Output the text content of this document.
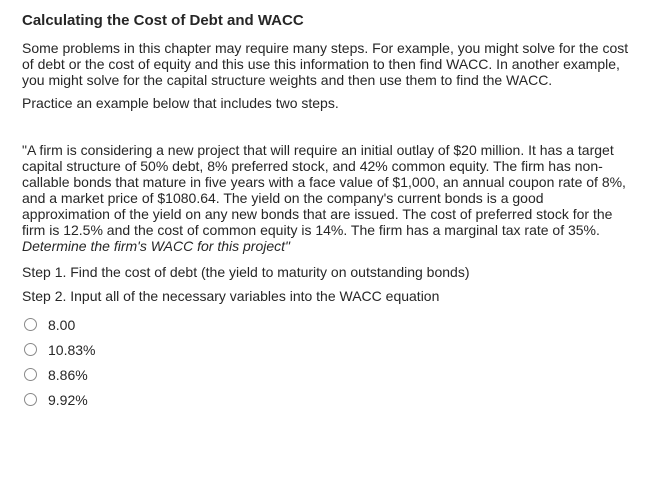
Calculating the Cost of Debt and WACC

Some problems in this chapter may require many steps. For example, you might solve for the cost of debt or the cost of equity and this use this information to then find WACC. In another example, you might solve for the capital structure weights and then use them to find the WACC.

Practice an example below that includes two steps.

"A firm is considering a new project that will require an initial outlay of $20 million. It has a target capital structure of 50% debt, 8% preferred stock, and 42% common equity. The firm has non-callable bonds that mature in five years with a face value of $1,000, an annual coupon rate of 8%, and a market price of $1080.64. The yield on the company's current bonds is a good approximation of the yield on any new bonds that are issued. The cost of preferred stock for the firm is 12.5% and the cost of common equity is 14%. The firm has a marginal tax rate of 35%. Determine the firm's WACC for this project"

Step 1. Find the cost of debt (the yield to maturity on outstanding bonds)

Step 2. Input all of the necessary variables into the WACC equation

8.00
10.83%
8.86%
9.92%
